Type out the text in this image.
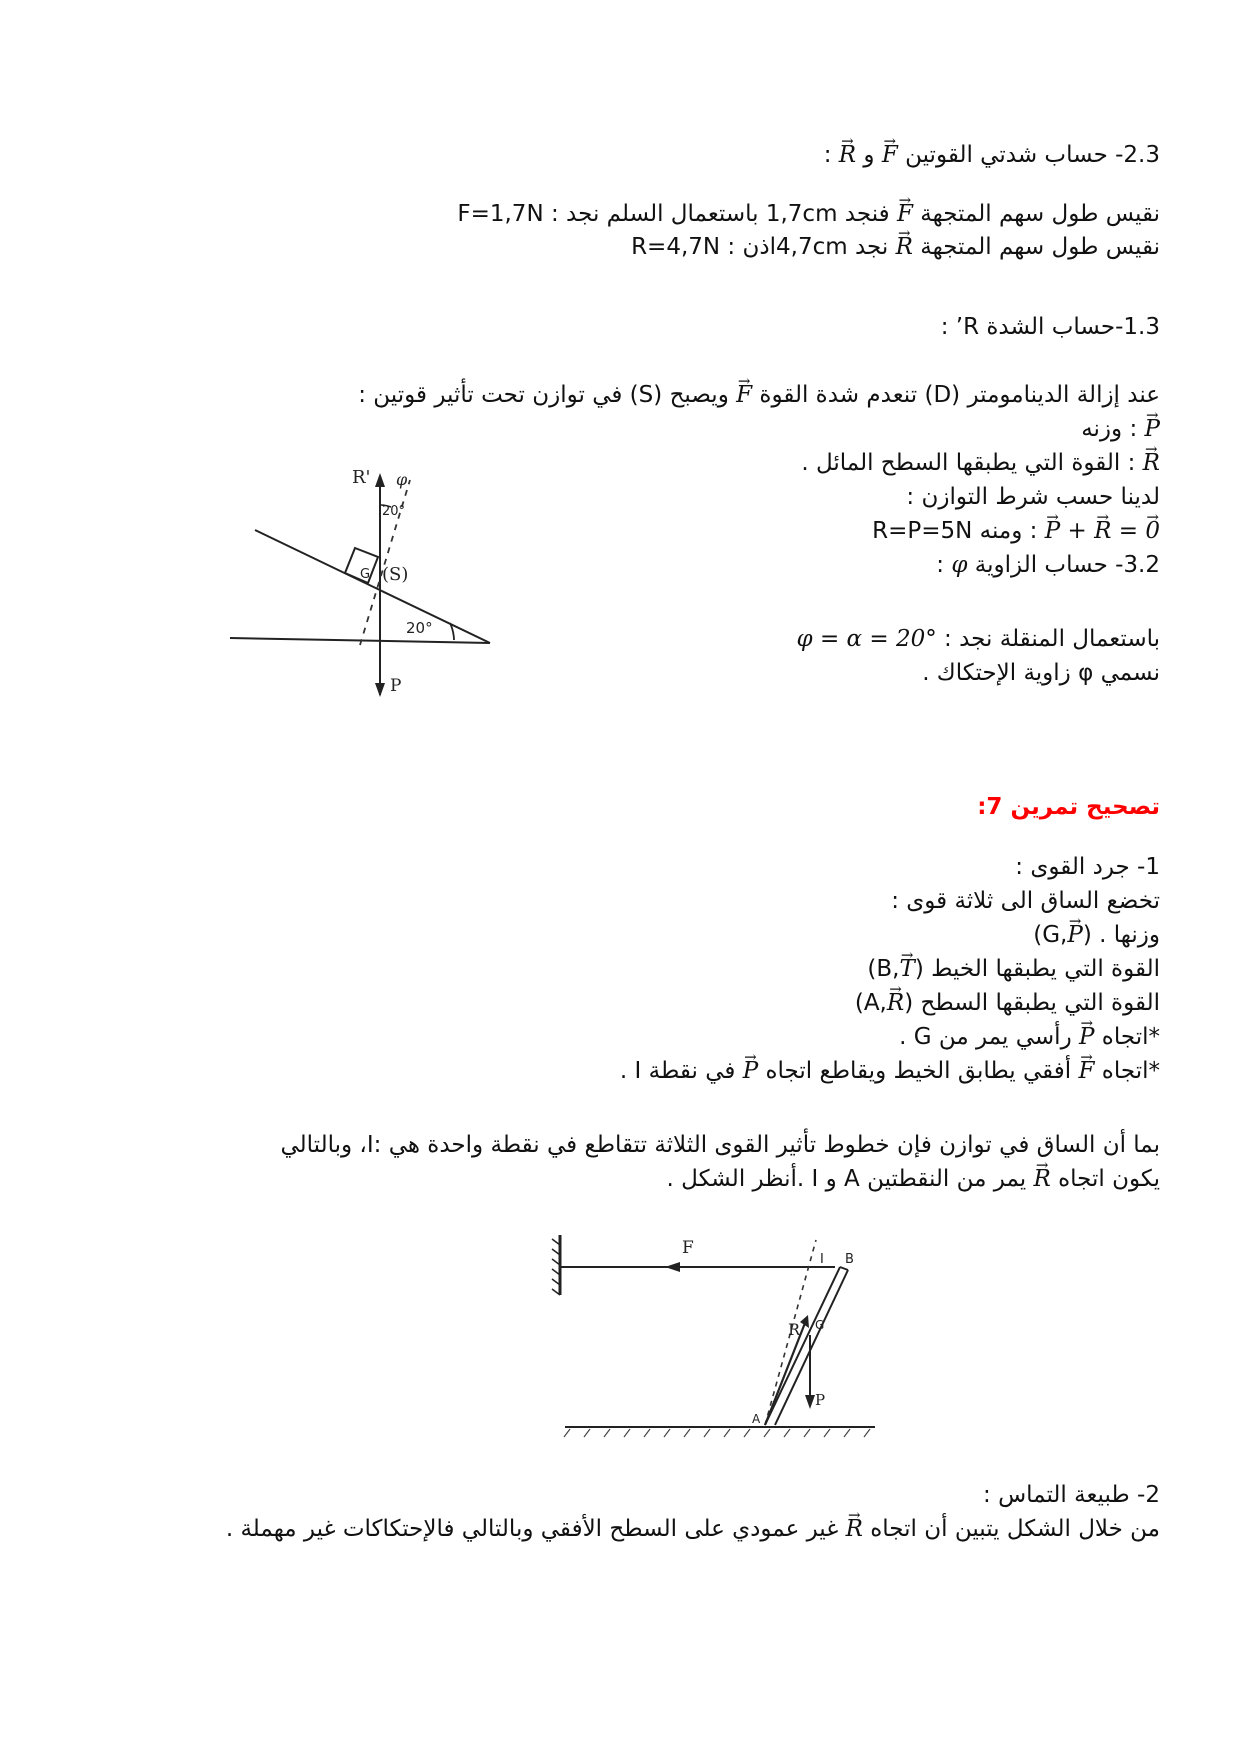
2.3- حساب شدتي القوتين → F و → R :
نقيس طول سهم المتجهة → F فنجد 1,7cm باستعمال السلم نجد : F=1,7N
نقيس طول سهم المتجهة → R نجد 4,7cmاذن : R=4,7N
1.3-حساب الشدة R’ :
عند إزالة الدينامومتر (D) تنعدم شدة القوة → F ويصبح (S) في توازن تحت تأثير قوتين :
→ P : وزنه
→ R : القوة التي يطبقها السطح المائل .
لدينا حسب شرط التوازن :
→ P + → R = → 0 : ومنه R=P=5N
3.2- حساب الزاوية φ :
باستعمال المنقلة نجد : φ = α = 20°
نسمي φ زاوية الإحتكاك .
R' φ
20°
G (S)
20°
P
تصحيح تمرين 7:
1- جرد القوى :
تخضع الساق الى ثلاثة قوى :
وزنها (G,→ P) .
القوة التي يطبقها الخيط (B,→ T)
القوة التي يطبقها السطح (A,→ R)
*اتجاه → P رأسي يمر من G .
*اتجاه → F أفقي يطابق الخيط ويقاطع اتجاه → P في نقطة I .
بما أن الساق في توازن فإن خطوط تأثير القوى الثلاثة تتقاطع في نقطة واحدة هي :I، وبالتالي
يكون اتجاه → R يمر من النقطتين A و I .أنظر الشكل .
F
I B
R G
P
A
2- طبيعة التماس :
من خلال الشكل يتبين أن اتجاه → R غير عمودي على السطح الأفقي وبالتالي فالإحتكاكات غير مهملة .
